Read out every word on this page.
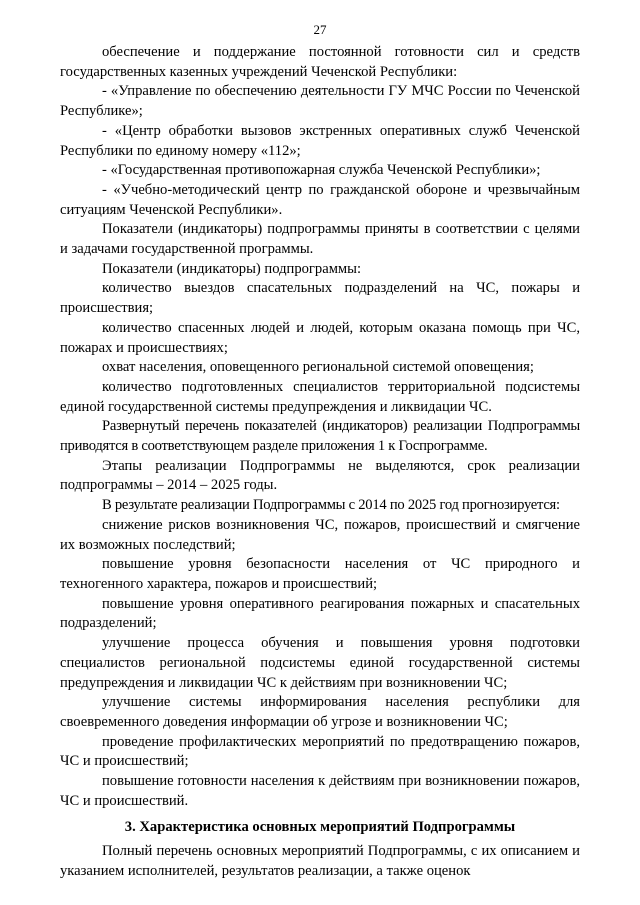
27

обеспечение и поддержание постоянной готовности сил и средств государственных казенных учреждений Чеченской Республики:

- «Управление по обеспечению деятельности ГУ МЧС России по Чеченской Республике»;

- «Центр обработки вызовов экстренных оперативных служб Чеченской Республики по единому номеру «112»;

- «Государственная противопожарная служба Чеченской Республики»;

- «Учебно-методический центр по гражданской обороне и чрезвычайным ситуациям Чеченской Республики».

Показатели (индикаторы) подпрограммы приняты в соответствии с целями и задачами государственной программы.

Показатели (индикаторы) подпрограммы:

количество выездов спасательных подразделений на ЧС, пожары и происшествия;

количество спасенных людей и людей, которым оказана помощь при ЧС, пожарах и происшествиях;

охват населения, оповещенного региональной системой оповещения;

количество подготовленных специалистов территориальной подсистемы единой государственной системы предупреждения и ликвидации ЧС.

Развернутый перечень показателей (индикаторов) реализации Подпрограммы приводятся в соответствующем разделе приложения 1 к Госпрограмме.

Этапы реализации Подпрограммы не выделяются, срок реализации подпрограммы – 2014 – 2025 годы.

В результате реализации Подпрограммы с 2014 по 2025 год прогнозируется:

снижение рисков возникновения ЧС, пожаров, происшествий и смягчение их возможных последствий;

повышение уровня безопасности населения от ЧС природного и техногенного характера, пожаров и происшествий;

повышение уровня оперативного реагирования пожарных и спасательных подразделений;

улучшение процесса обучения и повышения уровня подготовки специалистов региональной подсистемы единой государственной системы предупреждения и ликвидации ЧС к действиям при возникновении ЧС;

улучшение системы информирования населения республики для своевременного доведения информации об угрозе и возникновении ЧС;

проведение профилактических мероприятий по предотвращению пожаров, ЧС и происшествий;

повышение готовности населения к действиям при возникновении пожаров, ЧС и происшествий.

3. Характеристика основных мероприятий Подпрограммы

Полный перечень основных мероприятий Подпрограммы, с их описанием и указанием исполнителей, результатов реализации, а также оценок
